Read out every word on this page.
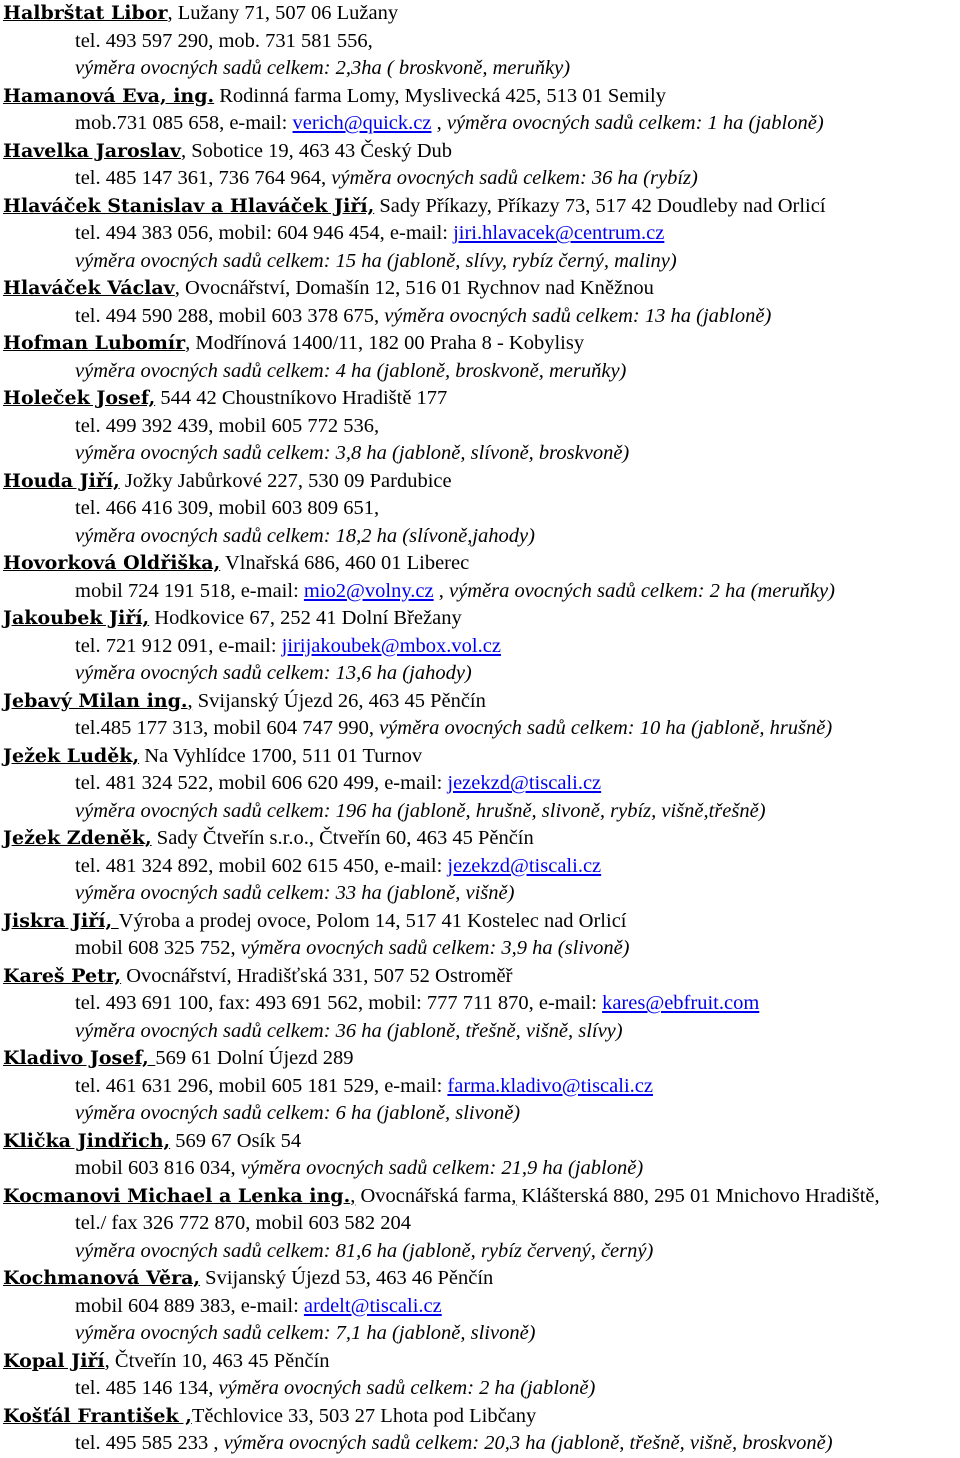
Halbrštat Libor, Lužany 71, 507 06 Lužany
tel. 493 597 290, mob. 731 581 556,
výměra ovocných sadů celkem: 2,3ha ( broskvoně, meruňky)
Hamanová Eva, ing. Rodinná farma Lomy, Myslivecká 425, 513 01 Semily
mob.731 085 658, e-mail: verich@quick.cz , výměra ovocných sadů celkem: 1 ha (jabloně)
Havelka Jaroslav, Sobotice 19, 463 43 Český Dub
tel. 485 147 361, 736 764 964, výměra ovocných sadů celkem: 36 ha (rybíz)
Hlaváček Stanislav a Hlaváček Jiří, Sady Příkazy, Příkazy 73, 517 42 Doudleby nad Orlicí
tel. 494 383 056, mobil: 604 946 454, e-mail: jiri.hlavacek@centrum.cz
výměra ovocných sadů celkem: 15 ha (jabloně, slívy, rybíz černý, maliny)
Hlaváček Václav, Ovocnářství, Domašín 12, 516 01 Rychnov nad Kněžnou
tel. 494 590 288, mobil 603 378 675, výměra ovocných sadů celkem: 13 ha (jabloně)
Hofman Lubomír, Modřínová 1400/11, 182 00 Praha 8 - Kobylisy
výměra ovocných sadů celkem: 4 ha (jabloně, broskvoně, meruňky)
Holeček Josef, 544 42 Choustníkovo Hradiště 177
tel. 499 392 439, mobil 605 772 536,
výměra ovocných sadů celkem: 3,8 ha (jabloně, slívoně, broskvoně)
Houda Jiří, Jožky Jabůrkové 227, 530 09 Pardubice
tel. 466 416 309, mobil 603 809 651,
výměra ovocných sadů celkem: 18,2 ha (slívoně,jahody)
Hovorková Oldřiška, Vlnařská 686, 460 01 Liberec
mobil 724 191 518, e-mail: mio2@volny.cz , výměra ovocných sadů celkem: 2 ha (meruňky)
Jakoubek Jiří, Hodkovice 67, 252 41 Dolní Břežany
tel. 721 912 091, e-mail: jirijakoubek@mbox.vol.cz
výměra ovocných sadů celkem: 13,6 ha (jahody)
Jebavý Milan ing., Svijanský Újezd 26, 463 45 Pěnčín
tel.485 177 313, mobil 604 747 990, výměra ovocných sadů celkem: 10 ha (jabloně, hrušně)
Ježek Luděk, Na Vyhlídce 1700, 511 01 Turnov
tel. 481 324 522, mobil 606 620 499, e-mail: jezekzd@tiscali.cz
výměra ovocných sadů celkem: 196 ha (jabloně, hrušně, slivoně, rybíz, višně,třešně)
Ježek Zdeněk, Sady Čtveřín s.r.o., Čtveřín 60, 463 45 Pěnčín
tel. 481 324 892, mobil 602 615 450, e-mail: jezekzd@tiscali.cz
výměra ovocných sadů celkem: 33 ha (jabloně, višně)
Jiskra Jiří, Výroba a prodej ovoce, Polom 14, 517 41 Kostelec nad Orlicí
mobil 608 325 752, výměra ovocných sadů celkem: 3,9 ha (slivoně)
Kareš Petr, Ovocnářství, Hradišťská 331, 507 52 Ostroměř
tel. 493 691 100, fax: 493 691 562, mobil: 777 711 870, e-mail: kares@ebfruit.com
výměra ovocných sadů celkem: 36 ha (jabloně, třešně, višně, slívy)
Kladivo Josef, 569 61 Dolní Újezd 289
tel. 461 631 296, mobil 605 181 529, e-mail: farma.kladivo@tiscali.cz
výměra ovocných sadů celkem: 6 ha (jabloně, slivoně)
Klička Jindřich, 569 67 Osík 54
mobil 603 816 034, výměra ovocných sadů celkem: 21,9 ha (jabloně)
Kocmanovi Michael a Lenka ing., Ovocnářská farma, Klášterská 880, 295 01 Mnichovo Hradiště,
tel./ fax 326 772 870, mobil 603 582 204
výměra ovocných sadů celkem: 81,6 ha (jabloně, rybíz červený, černý)
Kochmanová Věra, Svijanský Újezd 53, 463 46 Pěnčín
mobil 604 889 383, e-mail: ardelt@tiscali.cz
výměra ovocných sadů celkem: 7,1 ha (jabloně, slivoně)
Kopal Jiří, Čtveřín 10, 463 45 Pěnčín
tel. 485 146 134, výměra ovocných sadů celkem: 2 ha (jabloně)
Košťál František ,Těchlovice 33, 503 27 Lhota pod Libčany
tel. 495 585 233 , výměra ovocných sadů celkem: 20,3 ha (jabloně, třešně, višně, broskvoně)
